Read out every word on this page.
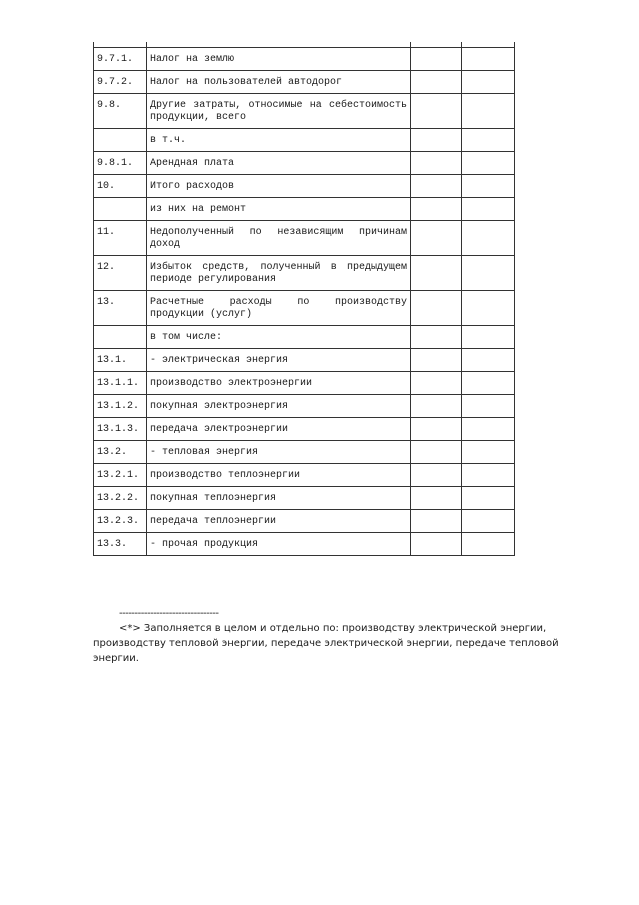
9.7.1.	Налог на землю		
9.7.2.	Налог на пользователей автодорог		
9.8.	Другие затраты, относимые на себестоимость продукции, всего		
	в т.ч.		
9.8.1.	Арендная плата		
10.	Итого расходов		
	из них на ремонт		
11.	Недополученный по независящим причинам доход		
12.	Избыток средств, полученный в предыдущем периоде регулирования		
13.	Расчетные расходы по производству продукции (услуг)		
	в том числе:		
13.1.	- электрическая энергия		
13.1.1.	производство электроэнергии		
13.1.2.	покупная электроэнергия		
13.1.3.	передача электроэнергии		
13.2.	- тепловая энергия		
13.2.1.	производство теплоэнергии		
13.2.2.	покупная теплоэнергия		
13.2.3.	передача теплоэнергии		
13.3.	- прочая продукция		
--------------------------------
<*> Заполняется в целом и отдельно по: производству электрической энергии, производству тепловой энергии, передаче электрической энергии, передаче тепловой энергии.
